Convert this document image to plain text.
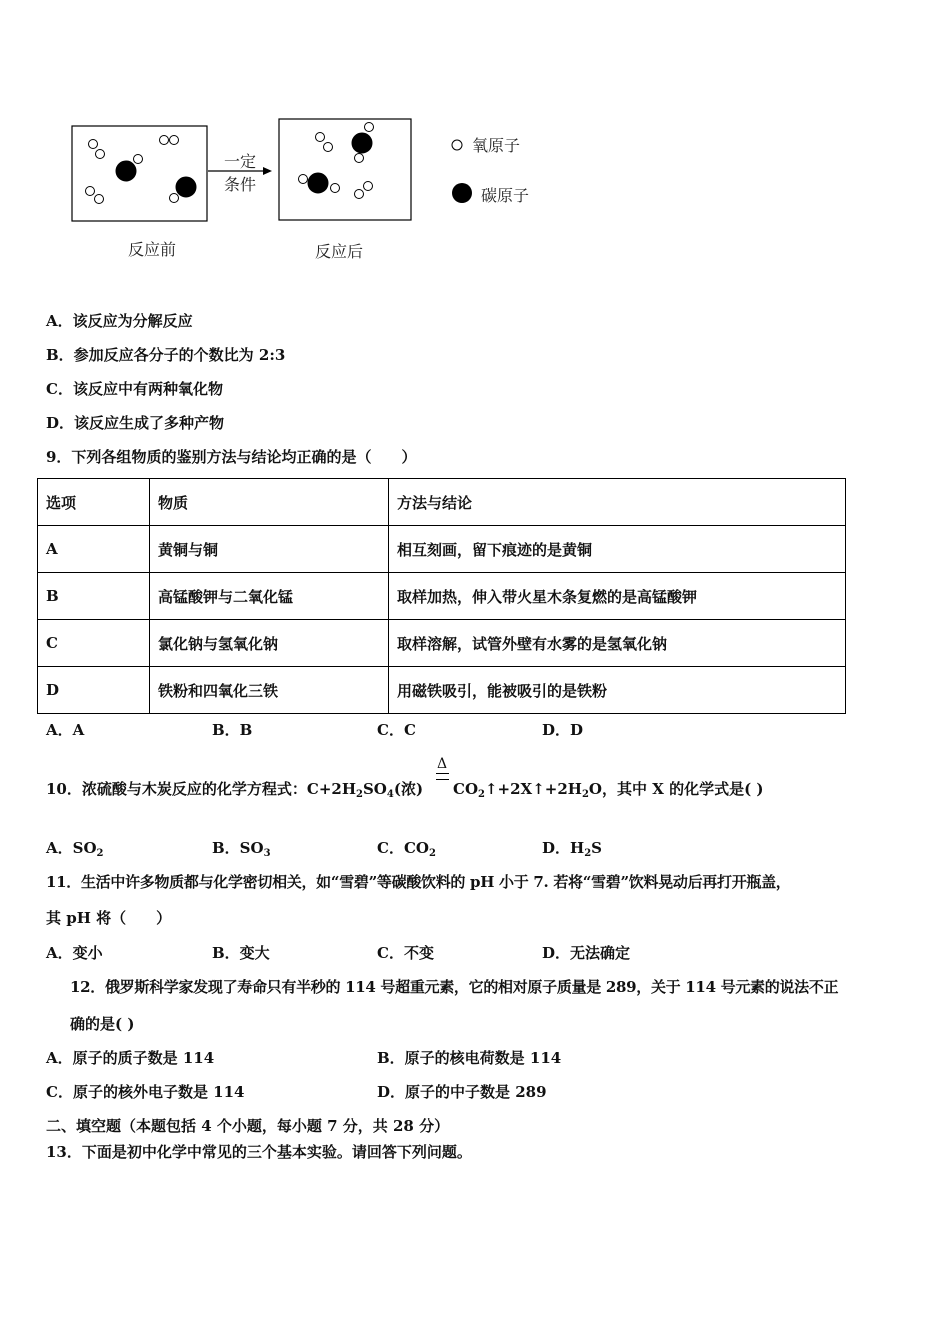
一定
条件
反应前	反应后
氧原子
碳原子
A．该反应为分解反应
B．参加反应各分子的个数比为 2:3
C．该反应中有两种氧化物
D．该反应生成了多种产物
9．下列各组物质的鉴别方法与结论均正确的是（　　）
选项	物质	方法与结论
A	黄铜与铜	相互刻画，留下痕迹的是黄铜
B	高锰酸钾与二氧化锰	取样加热，伸入带火星木条复燃的是高锰酸钾
C	氯化钠与氢氧化钠	取样溶解，试管外壁有水雾的是氢氧化钠
D	铁粉和四氧化三铁	用磁铁吸引，能被吸引的是铁粉
A．A	B．B	C．C	D．D
Δ
10．浓硫酸与木炭反应的化学方程式：$C+2H_2SO_4$(浓) $CO_2↑+2X↑+2H_2O$，其中 X 的化学式是( )
A．$SO_2$	B．$SO_3$	C．$CO_2$	D．$H_2S$
11．生活中许多物质都与化学密切相关，如“雪碧”等碳酸饮料的 pH 小于 7. 若将“雪碧”饮料晃动后再打开瓶盖，
其 pH 将（　　）
A．变小	B．变大	C．不变	D．无法确定
12．俄罗斯科学家发现了寿命只有半秒的 114 号超重元素，它的相对原子质量是 289，关于 114 号元素的说法不正
确的是( )
A．原子的质子数是 114	B．原子的核电荷数是 114
C．原子的核外电子数是 114	D．原子的中子数是 289
二、填空题（本题包括 4 个小题，每小题 7 分，共 28 分）
13．下面是初中化学中常见的三个基本实验。请回答下列问题。
